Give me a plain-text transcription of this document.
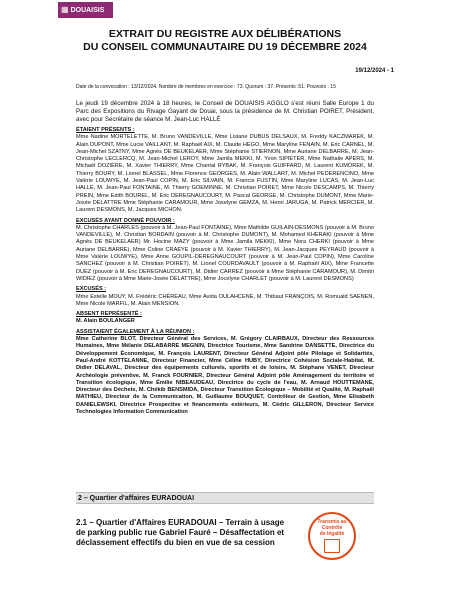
▦ DOUAISIS
EXTRAIT DU REGISTRE AUX DÉLIBÉRATIONS
DU CONSEIL COMMUNAUTAIRE DU 19 DÉCEMBRE 2024
19/12/2024 - 1
Date de la convocation : 13/12/2024. Nombre de membres en exercice : 73. Quorum : 37. Présents :51. Pouvoirs : 15

Le jeudi 19 décembre 2024 à 18 heures, le Conseil de DOUAISIS AGGLO s'est réuni Salle Europe 1 du Parc des Expositions du Rivage Gayant de Douai, sous la présidence de M. Christian POIRET, Président, avec pour Secrétaire de séance M. Jean-Luc HALLÉ

ÉTAIENT PRÉSENTS :

Mme Nadine MORTELETTE, M. Bruno VANDEVILLE, Mme Lisiane DUBUS DELSAUX, M. Freddy KACZMAREK, M. Alain DUPONT, Mme Lucie VAILLANT, M. Raphaël AIX, M. Claude HEGO, Mme Maryline FENAIN, M. Eric CARNEL, M. Jean-Michel SZATNY, Mme Agnès DE BEUKELAER, Mme Stéphanie STIERNON, Mme Auriane DELBARRE, M. Jean-Christophe LECLERCQ, M. Jean-Michel LEROY, Mme Jamila MEKKI, M. Yvon SIPIETER, Mme Nathalie APERS, M. Michaël DOZIÈRE, M. Xavier THIERRY, Mme Chantal RYBAK, M. François GUIFFARD, M. Laurent KUMOREK, M. Thierry BOURY, M. Lionel BLASSEL, Mme Florence GEORGES, M. Alain WALLART, M. Michel PEDERENCINO, Mme Valérie LOUWYE, M. Jean-Paul COPIN, M. Eric SILVAIN, M. Francis FUSTIN, Mme Maryline LUCAS, M. Jean-Luc HALLÉ, M. Jean-Paul FONTAINE, M. Thierry GOEMINNE, M. Christian POIRET, Mme Nicole DESCAMPS, M. Thierry PREIN, Mme Edith BOUREL, M. Eric DEREGNAUCOURT, M. Pascal GEORGE, M. Christophe DUMONT, Mme Marie-Josée DELATTRE Mme Stéphanie CARAMOUR, Mme Joselyne GEMZA, M. Henri JARUGA, M. Patrick MERCIER, M. Laurent DESMONS, M. Jacques MICHON.

EXCUSÉS AYANT DONNÉ POUVOIR :

M. Christophe CHARLES (pouvoir à M. Jean-Paul FONTAINE), Mme Mathilde GUILAIN-DESMONS (pouvoir à M. Bruno VANDEVILLE), M. Christian BORDAIN (pouvoir à M. Christophe DUMONT), M. Mohamed KHERAKI (pouvoir à Mme Agnès DE BEUKELAER) Mr. Hocine MAZY (pouvoir à Mme Jamila MEKKI), Mme Nora CHERKI (pouvoir à Mme Auriane DELBARRE), Mme Coline CRAEYE (pouvoir à M. Xavier THIERRY), M. Jean-Jacques PEYRAUD (pouvoir à Mme Valérie LOUWYE), Mme Anne GOUPIL-DEREGNAUCOURT (pouvoir à M. Jean-Paul COPIN), Mme Caroline SANCHEZ (pouvoir à M. Christian POIRET), M. Lionel COURDAVAULT (pouvoir à M. Raphaël AIX), Mme Francette DUEZ (pouvoir à M. Eric DEREGNAUCOURT), M. Didier CARREZ (pouvoir à Mme Stéphanie CARAMOUR), M. Dimitri WIDIEZ (pouvoir à Mme Marie-Josée DELATTRE), Mme Jocelyne CHARLET (pouvoir à M. Laurent DESMONS)

EXCUSÉS :

Mme Estelle MOUY, M. Frédéric CHÉREAU, Mme Avida OULAHCENE, M. Thibaut FRANÇOIS, M. Romuald SAENEN, Mme Nicole MARFIL, M. Alain MENSION.

ABSENT REPRÉSENTÉ :

M. Alain BOULANGER

ASSISTAIENT ÉGALEMENT À LA RÉUNION :

Mme Catherine BLOT, Directeur Général des Services, M. Grégory CLAIRBAUX, Directeur des Ressources Humaines, Mme Mélanie DELABARRE MEGNIN, Directrice Tourisme, Mme Sandrine DANSETTE, Directrice du Développement Économique, M. François LAURENT, Directeur Général Adjoint pôle Pilotage et Solidarités, Paul-André KOTTELANNE, Directeur Financier, Mme Céline HUBY, Directrice Cohésion Sociale-Habitat, M. Didier DELAVAL, Directeur des équipements culturels, sportifs et de loisirs, M. Stéphane VENET, Directeur Archéologie préventive, M. Franck FOURNIER, Directeur Général Adjoint pôle Aménagement du territoire et Transition écologique, Mme Émilie NIBEAUDEAU, Directrice du cycle de l'eau, M. Arnaud HOUTTEMANE, Directeur des Déchets, M. Chékib BENSMIDA, Directeur Transition Écologique – Mobilité et Qualité, M. Raphaël MATHIEU, Directeur de la Communication, M. Guillaume BOUQUET, Contrôleur de Gestion, Mme Elisabeth DANIELEWSKI, Directrice Prospective et financements extérieurs, M. Cédric GILLERON, Directeur Service Technologies Information Communication

2 – Quartier d'affaires EURADOUAI
2.1 – Quartier d'Affaires EURADOUAI – Terrain à usage de parking public rue Gabriel Fauré – Désaffectation et déclassement effectifs du bien en vue de sa cession
Transmis au
Contrôle
de légalité
